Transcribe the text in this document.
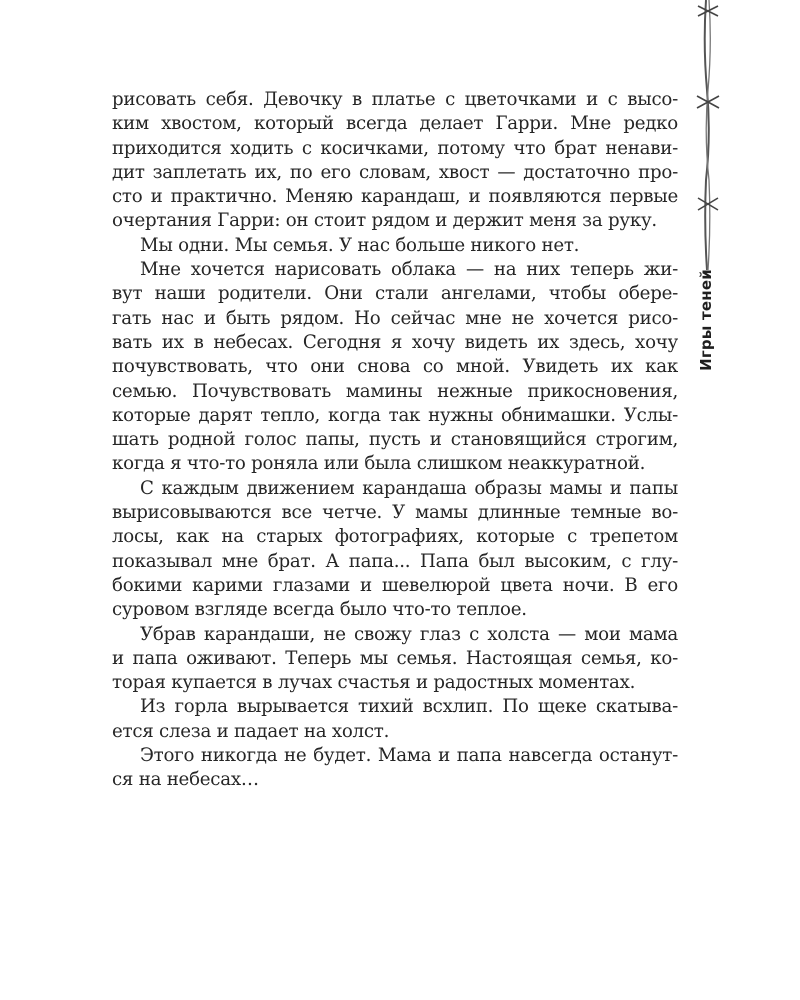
Игры теней
рисовать себя. Девочку в платье с цветочками и с высо-
ким хвостом, который всегда делает Гарри. Мне редко
приходится ходить с косичками, потому что брат ненави-
дит заплетать их, по его словам, хвост — достаточно про-
сто и практично. Меняю карандаш, и появляются первые
очертания Гарри: он стоит рядом и держит меня за руку.
Мы одни. Мы семья. У нас больше никого нет.
Мне хочется нарисовать облака — на них теперь жи-
вут наши родители. Они стали ангелами, чтобы оберe-
гать нас и быть рядом. Но сейчас мне не хочется рисо-
вать их в небесах. Сегодня я хочу видеть их здесь, хочу
почувствовать, что они снова со мной. Увидеть их как
семью. Почувствовать мамины нежные прикосновения,
которые дарят тепло, когда так нужны обнимашки. Услы-
шать родной голос папы, пусть и становящийся строгим,
когда я что-то роняла или была слишком неаккуратной.
С каждым движением карандаша образы мамы и папы
вырисовываются все четче. У мамы длинные темные во-
лосы, как на старых фотографиях, которые с трепетом
показывал мне брат. А папа... Папа был высоким, с глу-
бокими карими глазами и шевелюрой цвета ночи. В его
суровом взгляде всегда было что-то теплое.
Убрав карандаши, не свожу глаз с холста — мои мама
и папа оживают. Теперь мы семья. Настоящая семья, ко-
торая купается в лучах счастья и радостных моментах.
Из горла вырывается тихий всхлип. По щеке скатыва-
ется слеза и падает на холст.
Этого никогда не будет. Мама и папа навсегда останут-
ся на небесах…
